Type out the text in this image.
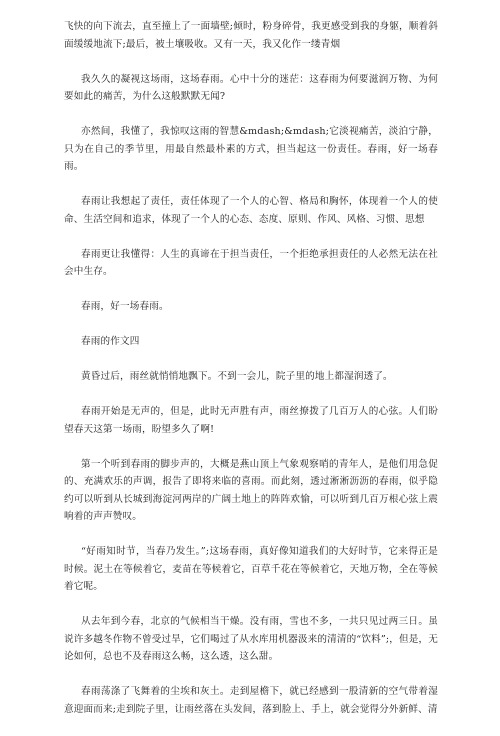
飞快的向下流去，直至撞上了一面墙壁;倾时，粉身碎骨，我更感受到我的身躯，顺着斜面缓缓地流下;最后，被土壤吸收。又有一天，我又化作一缕青烟

我久久的凝视这场雨，这场春雨。心中十分的迷茫：这春雨为何要滋润万物、为何要如此的痛苦，为什么这般默默无闻?

亦然间，我懂了，我惊叹这雨的智慧&mdash;&mdash;它淡视痛苦，淡泊宁静，只为在自己的季节里，用最自然最朴素的方式，担当起这一份责任。春雨，好一场春雨。

春雨让我想起了责任，责任体现了一个人的心智、格局和胸怀，体现着一个人的使命、生活空间和追求，体现了一个人的心态、态度、原则、作风、风格、习惯、思想

春雨更让我懂得：人生的真谛在于担当责任，一个拒绝承担责任的人必然无法在社会中生存。

春雨，好一场春雨。

春雨的作文四

黄昏过后，雨丝就悄悄地飘下。不到一会儿，院子里的地上都湿润透了。

春雨开始是无声的，但是，此时无声胜有声，雨丝撩拨了几百万人的心弦。人们盼望春天这第一场雨，盼望多久了啊!

第一个听到春雨的脚步声的，大概是燕山顶上气象观察哨的青年人，是他们用急促的、充满欢乐的声调，报告了即将来临的喜雨。而此刻，透过淅淅沥沥的春雨，似乎隐约可以听到从长城到海淀河两岸的广阔土地上的阵阵欢愉，可以听到几百万根心弦上震响着的声声赞叹。

“好雨知时节，当春乃发生。”;这场春雨，真好像知道我们的大好时节，它来得正是时候。泥土在等候着它，麦苗在等候着它，百草千花在等候着它，天地万物，全在等候着它呢。

从去年到今春，北京的气候相当干燥。没有雨，雪也不多，一共只见过两三日。虽说许多越冬作物不曾受过旱，它们喝过了从水库用机器汲来的清清的“饮料”;，但是，无论如何，总也不及春雨这么畅，这么透，这么甜。

春雨荡涤了飞舞着的尘埃和灰土。走到屋檐下，就已经感到一股清新的空气带着湿意迎面而来;走到院子里，让雨丝落在头发间，落到脸上、手上，就会觉得分外新鲜、清
